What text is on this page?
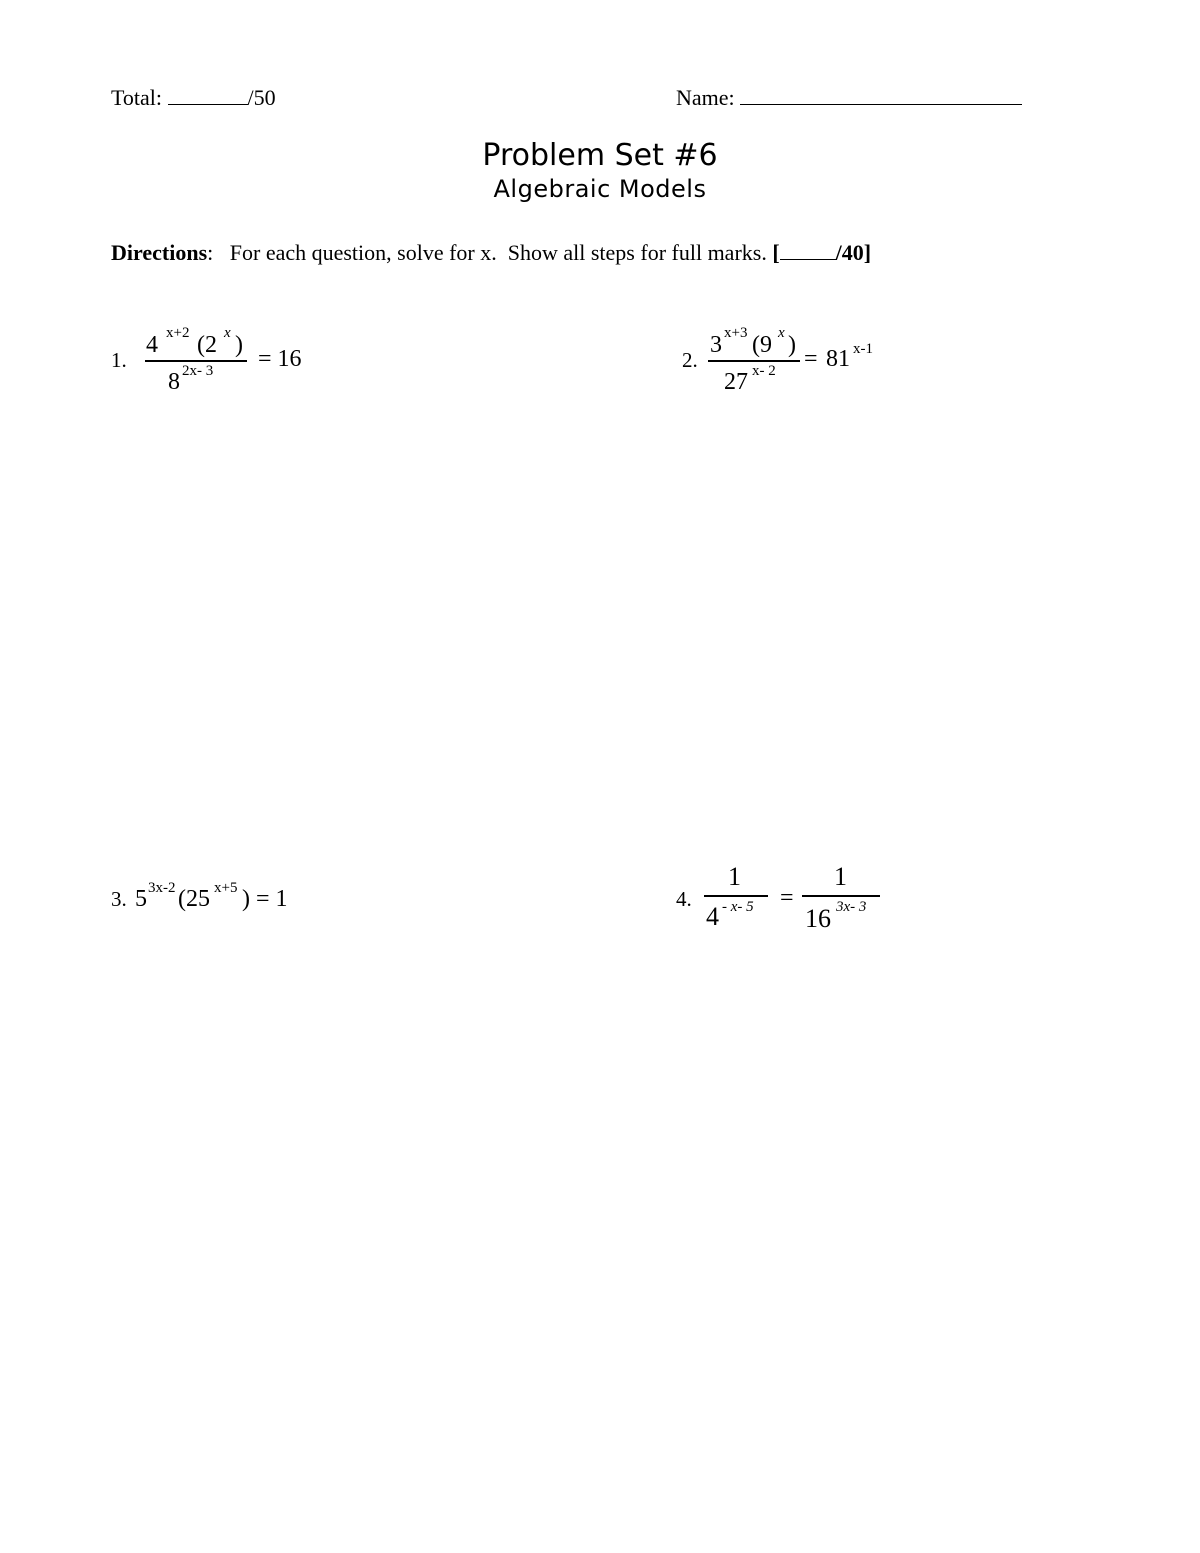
Total:	/50	Name:
Problem Set #6
Algebraic Models
Directions:   For each question, solve for x.  Show all steps for full marks. [	/40]
1.
4 x+2 (2 x )
8 2x- 3 = 16	2.
3 x+3 (9 x )
27 x- 2 = 81 x-1
3. 5 3x-2 (25 x+5 ) = 1	4.
1
4 - x- 5 =
1
16 3x- 3
